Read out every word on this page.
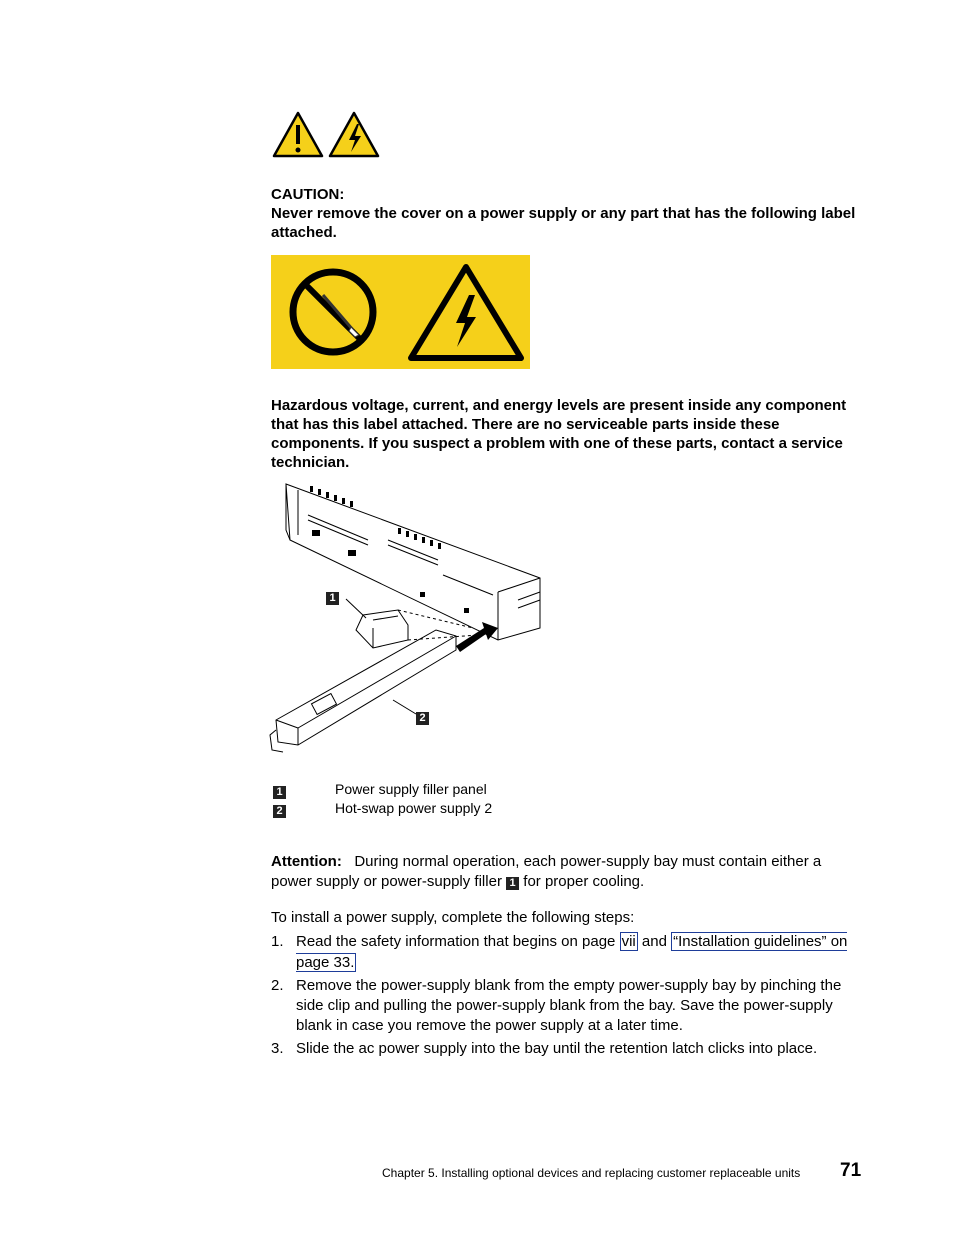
CAUTION:
Never remove the cover on a power supply or any part that has the following label attached.
Hazardous voltage, current, and energy levels are present inside any component that has this label attached. There are no serviceable parts inside these components. If you suspect a problem with one of these parts, contact a service technician.
1
2
1	Power supply filler panel
2	Hot-swap power supply 2
Attention: During normal operation, each power-supply bay must contain either a power supply or power-supply filler 1 for proper cooling.
To install a power supply, complete the following steps:
1. Read the safety information that begins on page vii and “Installation guidelines” on page 33.
2. Remove the power-supply blank from the empty power-supply bay by pinching the side clip and pulling the power-supply blank from the bay. Save the power-supply blank in case you remove the power supply at a later time.
3. Slide the ac power supply into the bay until the retention latch clicks into place.
Chapter 5. Installing optional devices and replacing customer replaceable units 71
